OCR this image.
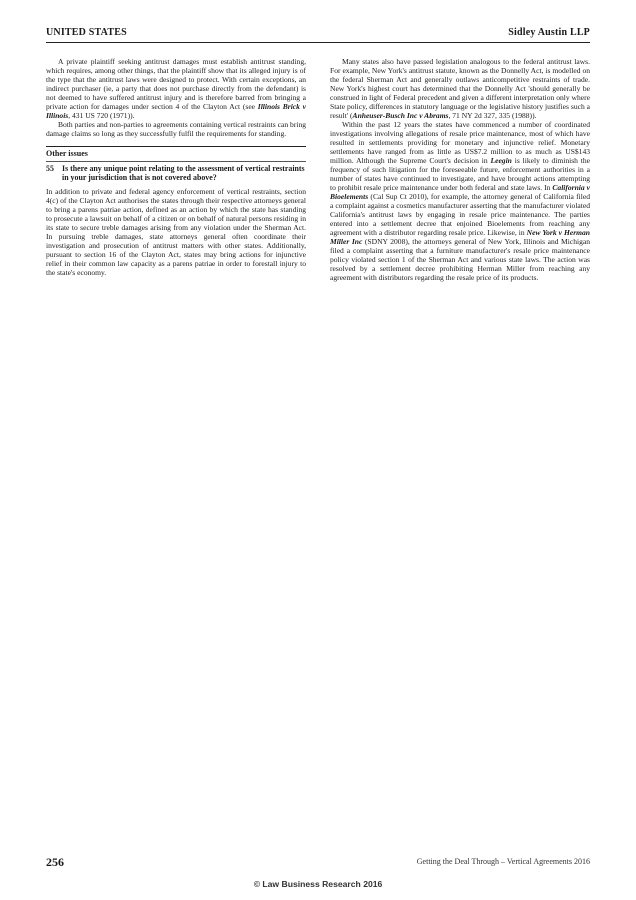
UNITED STATES	Sidley Austin LLP

A private plaintiff seeking antitrust damages must establish antitrust standing, which requires, among other things, that the plaintiff show that its alleged injury is of the type that the antitrust laws were designed to protect. With certain exceptions, an indirect purchaser (ie, a party that does not purchase directly from the defendant) is not deemed to have suffered antitrust injury and is therefore barred from bringing a private action for damages under section 4 of the Clayton Act (see Illinois Brick v Illinois, 431 US 720 (1971)).

Both parties and non-parties to agreements containing vertical restraints can bring damage claims so long as they successfully fulfil the requirements for standing.

Other issues
55 Is there any unique point relating to the assessment of vertical restraints in your jurisdiction that is not covered above?

In addition to private and federal agency enforcement of vertical restraints, section 4(c) of the Clayton Act authorises the states through their respective attorneys general to bring a parens patriae action, defined as an action by which the state has standing to prosecute a lawsuit on behalf of a citizen or on behalf of natural persons residing in its state to secure treble damages arising from any violation under the Sherman Act. In pursuing treble damages, state attorneys general often coordinate their investigation and prosecution of antitrust matters with other states. Additionally, pursuant to section 16 of the Clayton Act, states may bring actions for injunctive relief in their common law capacity as a parens patriae in order to forestall injury to the state's economy.

Many states also have passed legislation analogous to the federal antitrust laws. For example, New York's antitrust statute, known as the Donnelly Act, is modelled on the federal Sherman Act and generally outlaws anticompetitive restraints of trade. New York's highest court has determined that the Donnelly Act 'should generally be construed in light of Federal precedent and given a different interpretation only where State policy, differences in statutory language or the legislative history justifies such a result' (Anheuser-Busch Inc v Abrams, 71 NY 2d 327, 335 (1988)).

Within the past 12 years the states have commenced a number of coordinated investigations involving allegations of resale price maintenance, most of which have resulted in settlements providing for monetary and injunctive relief. Monetary settlements have ranged from as little as US$7.2 million to as much as US$143 million. Although the Supreme Court's decision in Leegin is likely to diminish the frequency of such litigation for the foreseeable future, enforcement authorities in a number of states have continued to investigate, and have brought actions attempting to prohibit resale price maintenance under both federal and state laws. In California v Bioelements (Cal Sup Ct 2010), for example, the attorney general of California filed a complaint against a cosmetics manufacturer asserting that the manufacturer violated California's antitrust laws by engaging in resale price maintenance. The parties entered into a settlement decree that enjoined Bioelements from reaching any agreement with a distributor regarding resale price. Likewise, in New York v Herman Miller Inc (SDNY 2008), the attorneys general of New York, Illinois and Michigan filed a complaint asserting that a furniture manufacturer's resale price maintenance policy violated section 1 of the Sherman Act and various state laws. The action was resolved by a settlement decree prohibiting Herman Miller from reaching any agreement with distributors regarding the resale price of its products.

256	Getting the Deal Through – Vertical Agreements 2016
© Law Business Research 2016
